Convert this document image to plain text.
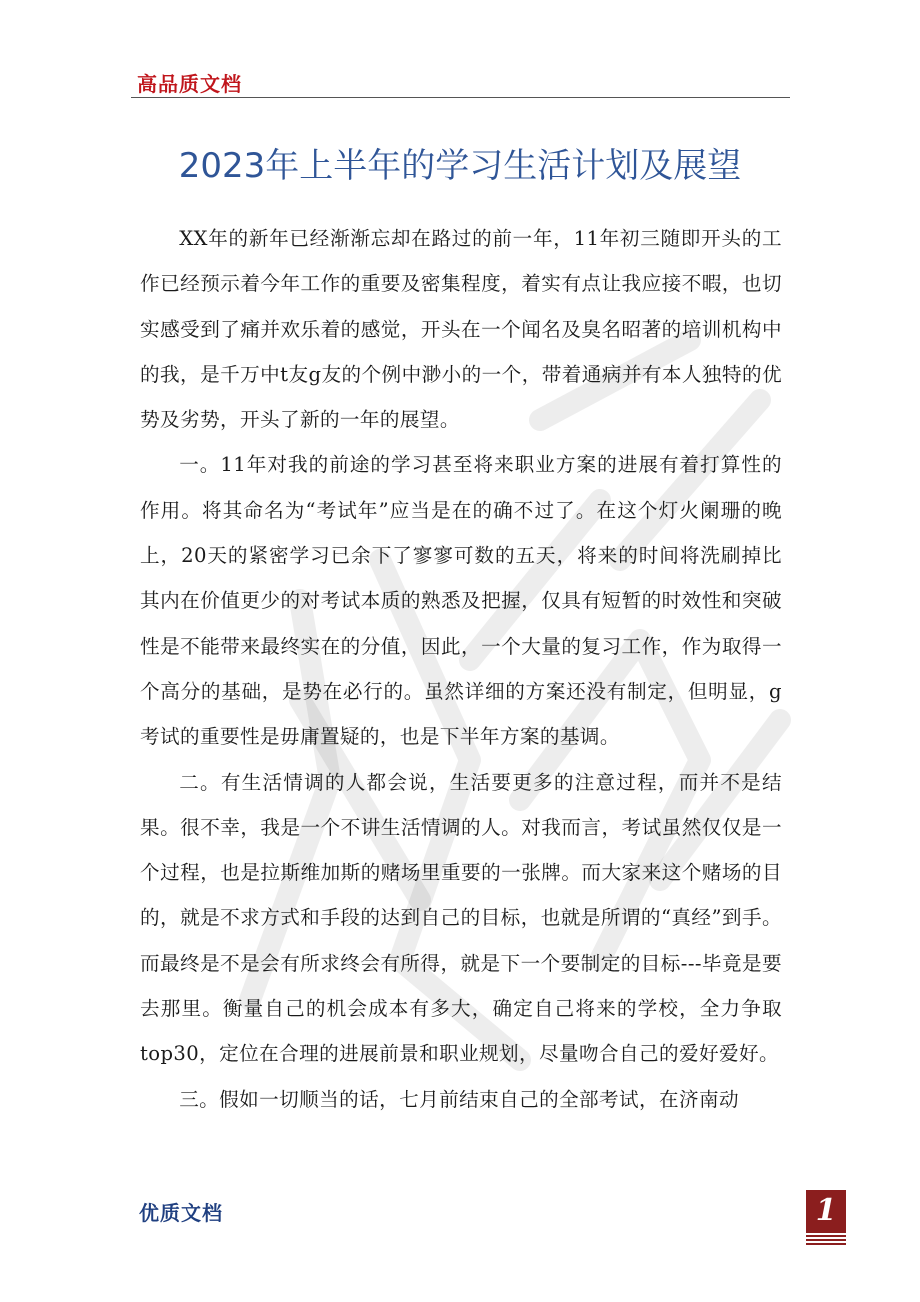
高品质文档
2023年上半年的学习生活计划及展望

XX年的新年已经渐渐忘却在路过的前一年，11年初三随即开头的工作已经预示着今年工作的重要及密集程度，着实有点让我应接不暇，也切实感受到了痛并欢乐着的感觉，开头在一个闻名及臭名昭著的培训机构中的我，是千万中t友g友的个例中渺小的一个，带着通病并有本人独特的优势及劣势，开头了新的一年的展望。

一。11年对我的前途的学习甚至将来职业方案的进展有着打算性的作用。将其命名为“考试年”应当是在的确不过了。在这个灯火阑珊的晚上，20天的紧密学习已余下了寥寥可数的五天，将来的时间将洗刷掉比其内在价值更少的对考试本质的熟悉及把握，仅具有短暂的时效性和突破性是不能带来最终实在的分值，因此，一个大量的复习工作，作为取得一个高分的基础，是势在必行的。虽然详细的方案还没有制定，但明显，g考试的重要性是毋庸置疑的，也是下半年方案的基调。

二。有生活情调的人都会说，生活要更多的注意过程，而并不是结果。很不幸，我是一个不讲生活情调的人。对我而言，考试虽然仅仅是一个过程，也是拉斯维加斯的赌场里重要的一张牌。而大家来这个赌场的目的，就是不求方式和手段的达到自己的目标，也就是所谓的“真经”到手。而最终是不是会有所求终会有所得，就是下一个要制定的目标---毕竟是要去那里。衡量自己的机会成本有多大，确定自己将来的学校，全力争取top30，定位在合理的进展前景和职业规划，尽量吻合自己的爱好爱好。

三。假如一切顺当的话，七月前结束自己的全部考试，在济南动

优质文档	1
